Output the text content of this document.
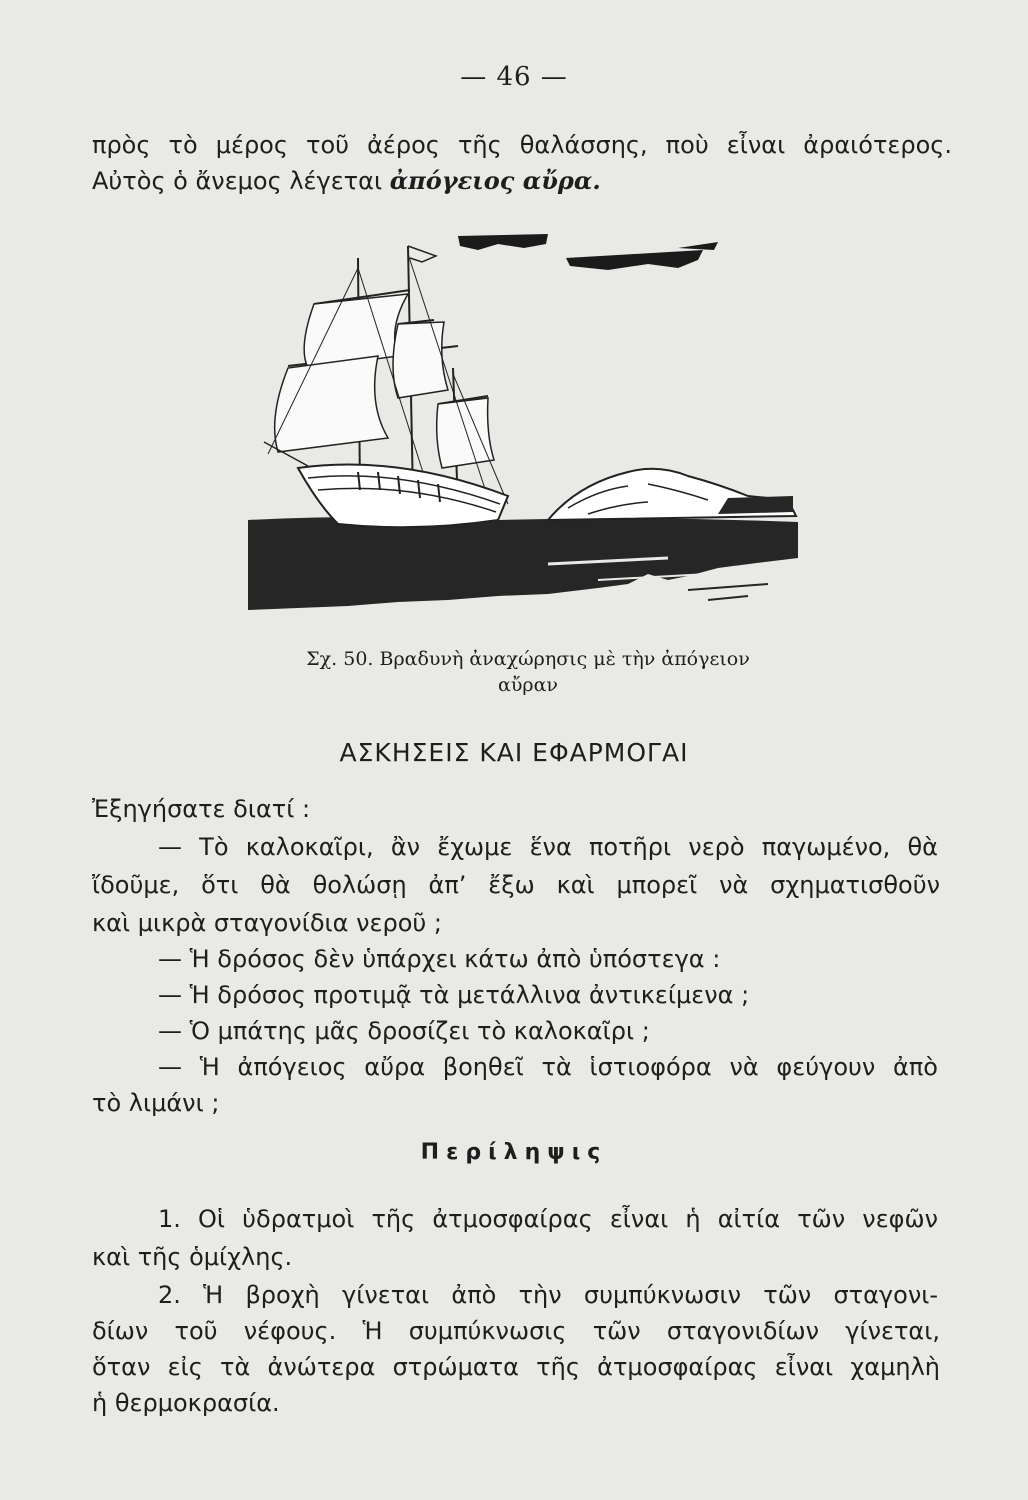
— 46 —
πρὸς τὸ μέρος τοῦ ἀέρος τῆς θαλάσσης, ποὺ εἶναι ἀραιότερος.
Αὐτὸς ὁ ἄνεμος λέγεται ἀπόγειος αὔρα.
Σχ. 50. Βραδυνὴ ἀναχώρησις μὲ τὴν ἀπόγειον
αὔραν
ΑΣΚΗΣΕΙΣ ΚΑΙ ΕΦΑΡΜΟΓΑΙ
Ἐξηγήσατε διατί :
— Τὸ καλοκαῖρι, ἂν ἔχωμε ἕνα ποτῆρι νερὸ παγωμένο, θὰ
ἴδοῦμε, ὅτι θὰ θολώσῃ ἀπ’ ἔξω καὶ μπορεῖ νὰ σχηματισθοῦν
καὶ μικρὰ σταγονίδια νεροῦ ;
— Ἡ δρόσος δὲν ὑπάρχει κάτω ἀπὸ ὑπόστεγα :
— Ἡ δρόσος προτιμᾷ τὰ μετάλλινα ἀντικείμενα ;
— Ὁ μπάτης μᾶς δροσίζει τὸ καλοκαῖρι ;
— Ἡ ἀπόγειος αὔρα βοηθεῖ τὰ ἱστιοφόρα νὰ φεύγουν ἀπὸ
τὸ λιμάνι ;
Περίληψις
1. Οἱ ὑδρατμοὶ τῆς ἀτμοσφαίρας εἶναι ἡ αἰτία τῶν νεφῶν
καὶ τῆς ὁμίχλης.
2. Ἡ βροχὴ γίνεται ἀπὸ τὴν συμπύκνωσιν τῶν σταγονι-
δίων τοῦ νέφους. Ἡ συμπύκνωσις τῶν σταγονιδίων γίνεται,
ὅταν εἰς τὰ ἀνώτερα στρώματα τῆς ἀτμοσφαίρας εἶναι χαμηλὴ
ἡ θερμοκρασία.
